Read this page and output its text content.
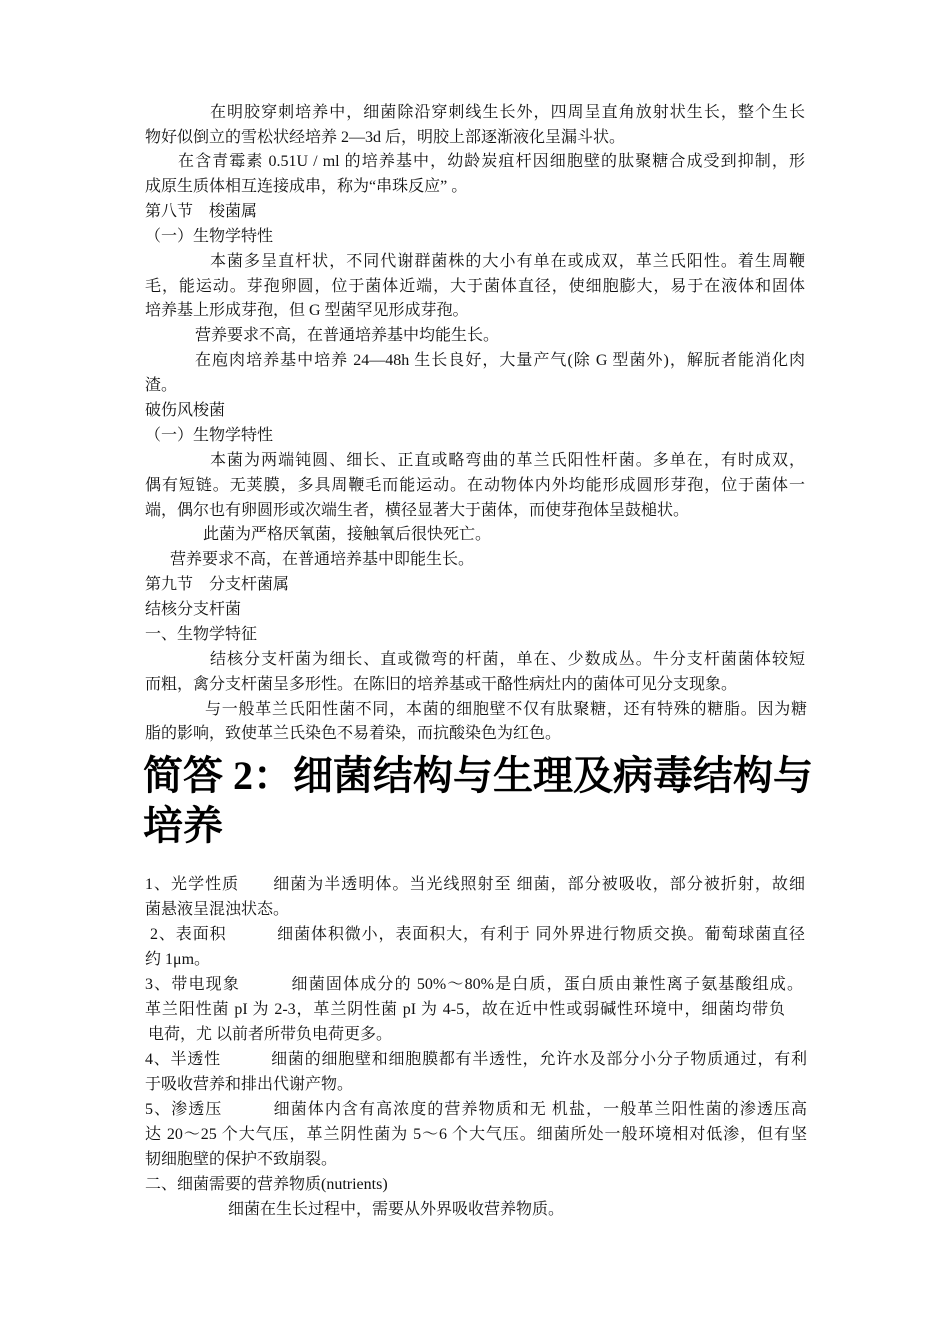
在明胶穿刺培养中，细菌除沿穿刺线生长外，四周呈直角放射状生长，整个生长
物好似倒立的雪松状经培养 2—3d 后，明胶上部逐渐液化呈漏斗状。
在含青霉素 0.51U / ml 的培养基中，幼龄炭疽杆因细胞壁的肽聚糖合成受到抑制，形
成原生质体相互连接成串，称为“串珠反应” 。
第八节　梭菌属
（一）生物学特性
本菌多呈直杆状，不同代谢群菌株的大小有单在或成双，革兰氏阳性。着生周鞭
毛，能运动。芽孢卵圆，位于菌体近端，大于菌体直径，使细胞膨大，易于在液体和固体
培养基上形成芽孢，但 G 型菌罕见形成芽孢。
营养要求不高，在普通培养基中均能生长。
在庖肉培养基中培养 24—48h 生长良好，大量产气(除 G 型菌外)，解朊者能消化肉
渣。
破伤风梭菌
（一）生物学特性
本菌为两端钝圆、细长、正直或略弯曲的革兰氏阳性杆菌。多单在，有时成双，
偶有短链。无荚膜，多具周鞭毛而能运动。在动物体内外均能形成圆形芽孢，位于菌体一
端，偶尔也有卵圆形或次端生者，横径显著大于菌体，而使芽孢体呈鼓槌状。
此菌为严格厌氧菌，接触氧后很快死亡。
营养要求不高，在普通培养基中即能生长。
第九节　分支杆菌属
结核分支杆菌
一、生物学特征
结核分支杆菌为细长、直或微弯的杆菌，单在、少数成丛。牛分支杆菌菌体较短
而粗，禽分支杆菌呈多形性。在陈旧的培养基或干酪性病灶内的菌体可见分支现象。
与一般革兰氏阳性菌不同，本菌的细胞壁不仅有肽聚糖，还有特殊的糖脂。因为糖
脂的影响，致使革兰氏染色不易着染，而抗酸染色为红色。
简答 2：细菌结构与生理及病毒结构与
培养
1、光学性质　　细菌为半透明体。当光线照射至 细菌，部分被吸收，部分被折射，故细
菌悬液呈混浊状态。
2、表面积　　　细菌体积微小，表面积大，有利于 同外界进行物质交换。葡萄球菌直径
约 1μm。
3、带电现象　　　细菌固体成分的 50%～80%是白质，蛋白质由兼性离子氨基酸组成。
革兰阳性菌 pI 为 2-3，革兰阴性菌 pI 为 4-5，故在近中性或弱碱性环境中，细菌均带负
电荷，尤 以前者所带负电荷更多。
4、半透性　　　细菌的细胞壁和细胞膜都有半透性，允许水及部分小分子物质通过，有利
于吸收营养和排出代谢产物。
5、渗透压　　　细菌体内含有高浓度的营养物质和无 机盐，一般革兰阳性菌的渗透压高
达 20～25 个大气压，革兰阴性菌为 5～6 个大气压。细菌所处一般环境相对低渗，但有坚
韧细胞壁的保护不致崩裂。
二、细菌需要的营养物质(nutrients)
细菌在生长过程中，需要从外界吸收营养物质。
